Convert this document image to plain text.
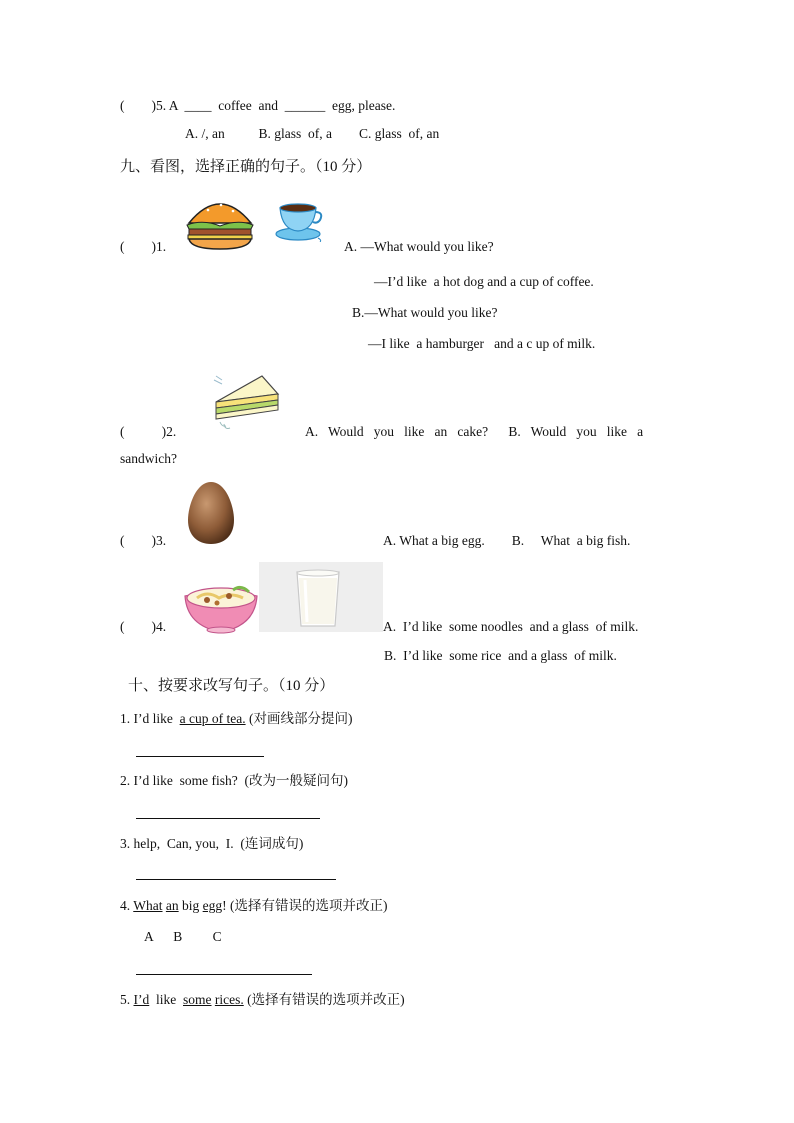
(        )5. A  ____  coffee  and  ______  egg, please.
A. /, an          B. glass  of, a        C. glass  of, an
九、看图，选择正确的句子。（10 分）
(        )1.	A. —What would you like?
—I’d like  a hot dog and a cup of coffee.
B.—What would you like?
—I like  a hamburger   and a c up of milk.
(           )2.	A.   Would   you   like   an   cake?      B.   Would   you   like   a
sandwich?
(        )3.	A. What a big egg.        B.     What  a big fish.
(        )4.	A.  I’d like  some noodles  and a glass  of milk.
B.  I’d like  some rice  and a glass  of milk.
十、按要求改写句子。（10 分）
1. I’d like  a cup of tea. (对画线部分提问)
2. I’d like  some fish?  (改为一般疑问句)
3. help,  Can, you,  I.  (连词成句)
4. What an big egg! (选择有错误的选项并改正)
A      B         C
5. I’d  like  some rices. (选择有错误的选项并改正)
